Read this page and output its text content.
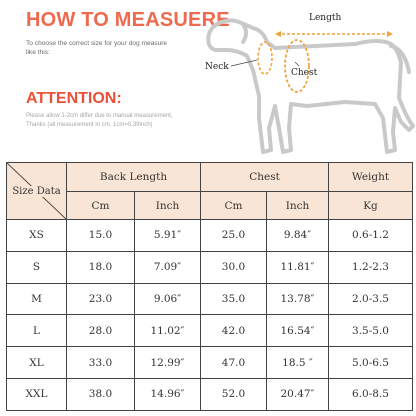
HOW TO MEASUERE
To choose the correct size for your dog measure like this:
ATTENTION:
Please allow 1-2cm differ due to manual measurement,
Thanks (all measurement in cm, 1cm=0.39inch)
Length
Neck
Chest
Size Data	Back Length		Chest		Weight
	Cm	Inch	Cm	Inch	Kg
XS	15.0	5.91″	25.0	9.84″	0.6-1.2
S	18.0	7.09″	30.0	11.81″	1.2-2.3
M	23.0	9.06″	35.0	13.78″	2.0-3.5
L	28.0	11.02″	42.0	16.54″	3.5-5.0
XL	33.0	12.99″	47.0	18.5 ″	5.0-6.5
XXL	38.0	14.96″	52.0	20.47″	6.0-8.5
